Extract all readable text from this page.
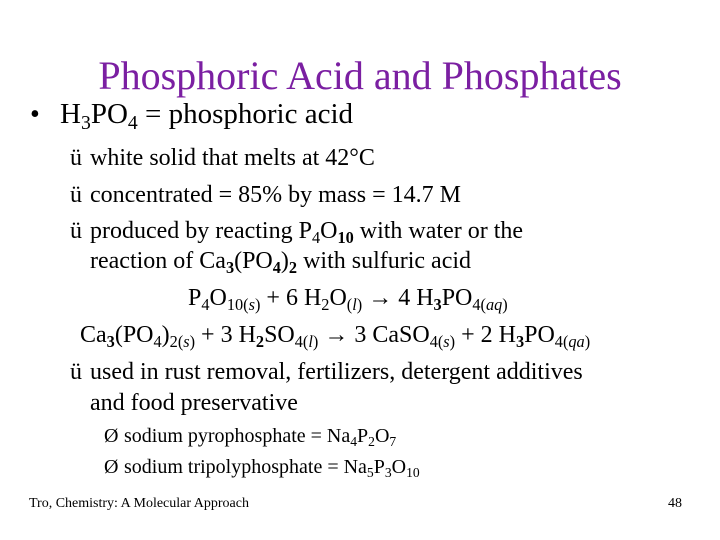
Phosphoric Acid and Phosphates
• $H_3PO_4$ = phosphoric acid
ü white solid that melts at 42°C
ü concentrated = 85% by mass = 14.7 M
ü produced by reacting $P_4O_{10}$ with water or the
reaction of $Ca_3(PO_4)_2$ with sulfuric acid
$P_4O_{10(s)} + 6$ $H_2O_{(l)} \to 4$ $H_3PO_{4(aq)}$
$Ca_3(PO_4)_{2(s)} + 3$ $H_2SO_{4(l)} \to 3$ CaSO$_{4(s)}$ + 2 $H_3PO_{4(qa)}$
ü used in rust removal, fertilizers, detergent additives
and food preservative
Ø sodium pyrophosphate = $Na_4P_2O_7$
Ø sodium tripolyphosphate = $Na_5P_3O_{10}$
Tro, Chemistry: A Molecular Approach	48
